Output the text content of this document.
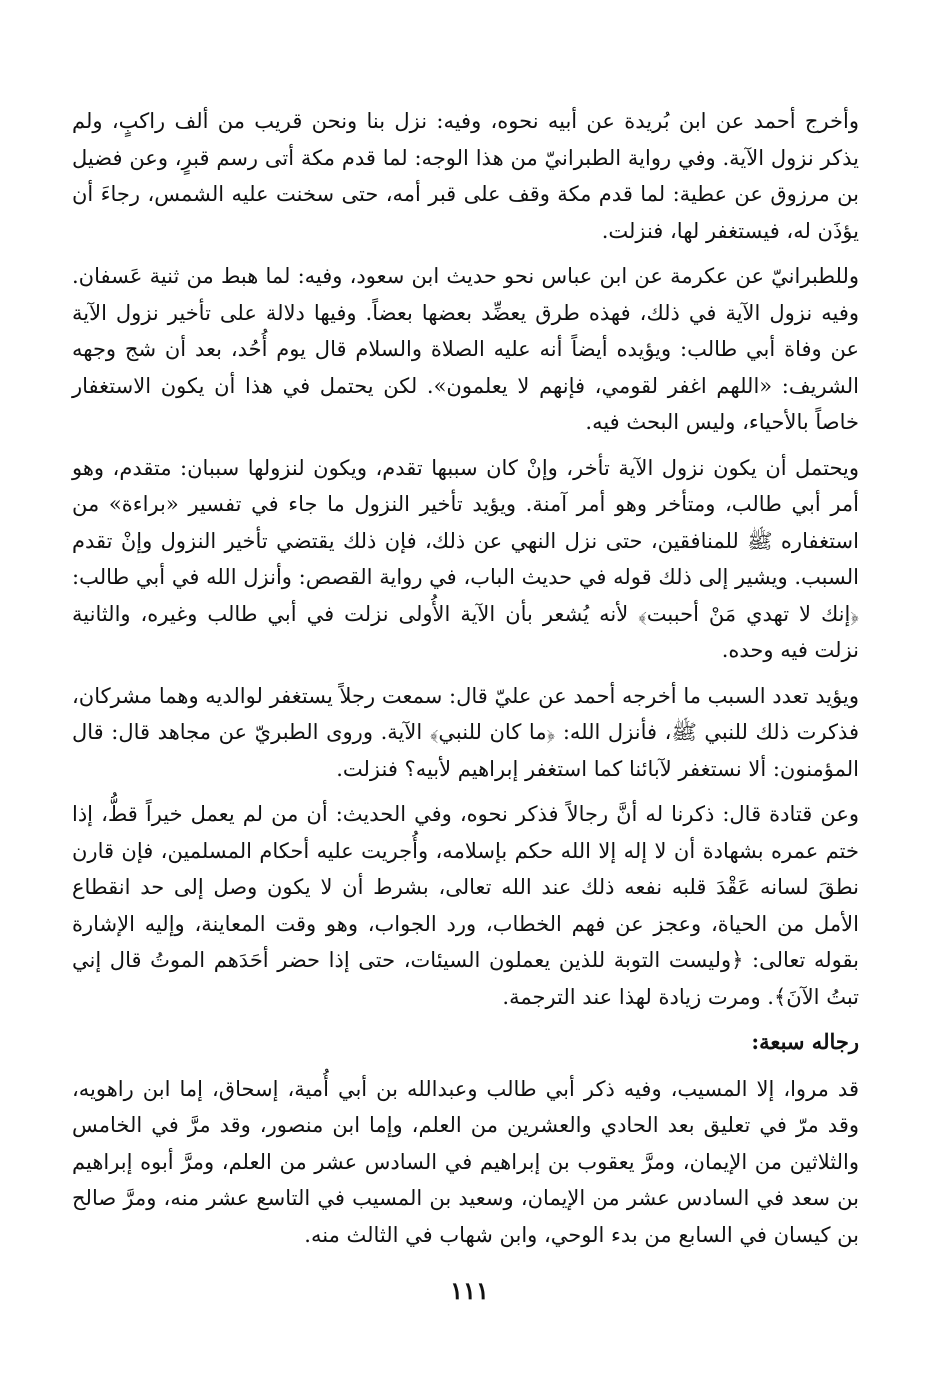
وأخرج أحمد عن ابن بُريدة عن أبيه نحوه، وفيه: نزل بنا ونحن قريب من ألف راكبٍ، ولم يذكر نزول الآية. وفي رواية الطبرانيّ من هذا الوجه: لما قدم مكة أتى رسم قبرٍ، وعن فضيل بن مرزوق عن عطية: لما قدم مكة وقف على قبر أمه، حتى سخنت عليه الشمس، رجاءَ أن يؤذَن له، فيستغفر لها، فنزلت.

وللطبرانيّ عن عكرمة عن ابن عباس نحو حديث ابن سعود، وفيه: لما هبط من ثنية عَسفان. وفيه نزول الآية في ذلك، فهذه طرق يعضِّد بعضها بعضاً. وفيها دلالة على تأخير نزول الآية عن وفاة أبي طالب: ويؤيده أيضاً أنه عليه الصلاة والسلام قال يوم أُحُد، بعد أن شج وجهه الشريف: «اللهم اغفر لقومي، فإنهم لا يعلمون». لكن يحتمل في هذا أن يكون الاستغفار خاصاً بالأحياء، وليس البحث فيه.

ويحتمل أن يكون نزول الآية تأخر، وإنْ كان سببها تقدم، ويكون لنزولها سببان: متقدم، وهو أمر أبي طالب، ومتأخر وهو أمر آمنة. ويؤيد تأخير النزول ما جاء في تفسير «براءة» من استغفاره ﷺ للمنافقين، حتى نزل النهي عن ذلك، فإن ذلك يقتضي تأخير النزول وإنْ تقدم السبب. ويشير إلى ذلك قوله في حديث الباب، في رواية القصص: وأنزل الله في أبي طالب: ﴿إنك لا تهدي مَنْ أحببت﴾ لأنه يُشعر بأن الآية الأُولى نزلت في أبي طالب وغيره، والثانية نزلت فيه وحده.

ويؤيد تعدد السبب ما أخرجه أحمد عن عليّ قال: سمعت رجلاً يستغفر لوالديه وهما مشركان، فذكرت ذلك للنبي ﷺ، فأنزل الله: ﴿ما كان للنبي﴾ الآية. وروى الطبريّ عن مجاهد قال: قال المؤمنون: ألا نستغفر لآبائنا كما استغفر إبراهيم لأبيه؟ فنزلت.

وعن قتادة قال: ذكرنا له أنَّ رجالاً فذكر نحوه، وفي الحديث: أن من لم يعمل خيراً قطُّ، إذا ختم عمره بشهادة أن لا إله إلا الله حكم بإسلامه، وأُجريت عليه أحكام المسلمين، فإن قارن نطقَ لسانه عَقْدَ قلبه نفعه ذلك عند الله تعالى، بشرط أن لا يكون وصل إلى حد انقطاع الأمل من الحياة، وعجز عن فهم الخطاب، ورد الجواب، وهو وقت المعاينة، وإليه الإشارة بقوله تعالى: ﴿وليست التوبة للذين يعملون السيئات، حتى إذا حضر أحَدَهم الموتُ قال إني تبتُ الآنَ﴾. ومرت زيادة لهذا عند الترجمة.

رجاله سبعة:

قد مروا، إلا المسيب، وفيه ذكر أبي طالب وعبدالله بن أبي أُمية، إسحاق، إما ابن راهويه، وقد مرّ في تعليق بعد الحادي والعشرين من العلم، وإما ابن منصور، وقد مرَّ في الخامس والثلاثين من الإيمان، ومرَّ يعقوب بن إبراهيم في السادس عشر من العلم، ومرَّ أبوه إبراهيم بن سعد في السادس عشر من الإيمان، وسعيد بن المسيب في التاسع عشر منه، ومرَّ صالح بن كيسان في السابع من بدء الوحي، وابن شهاب في الثالث منه.

١١١
